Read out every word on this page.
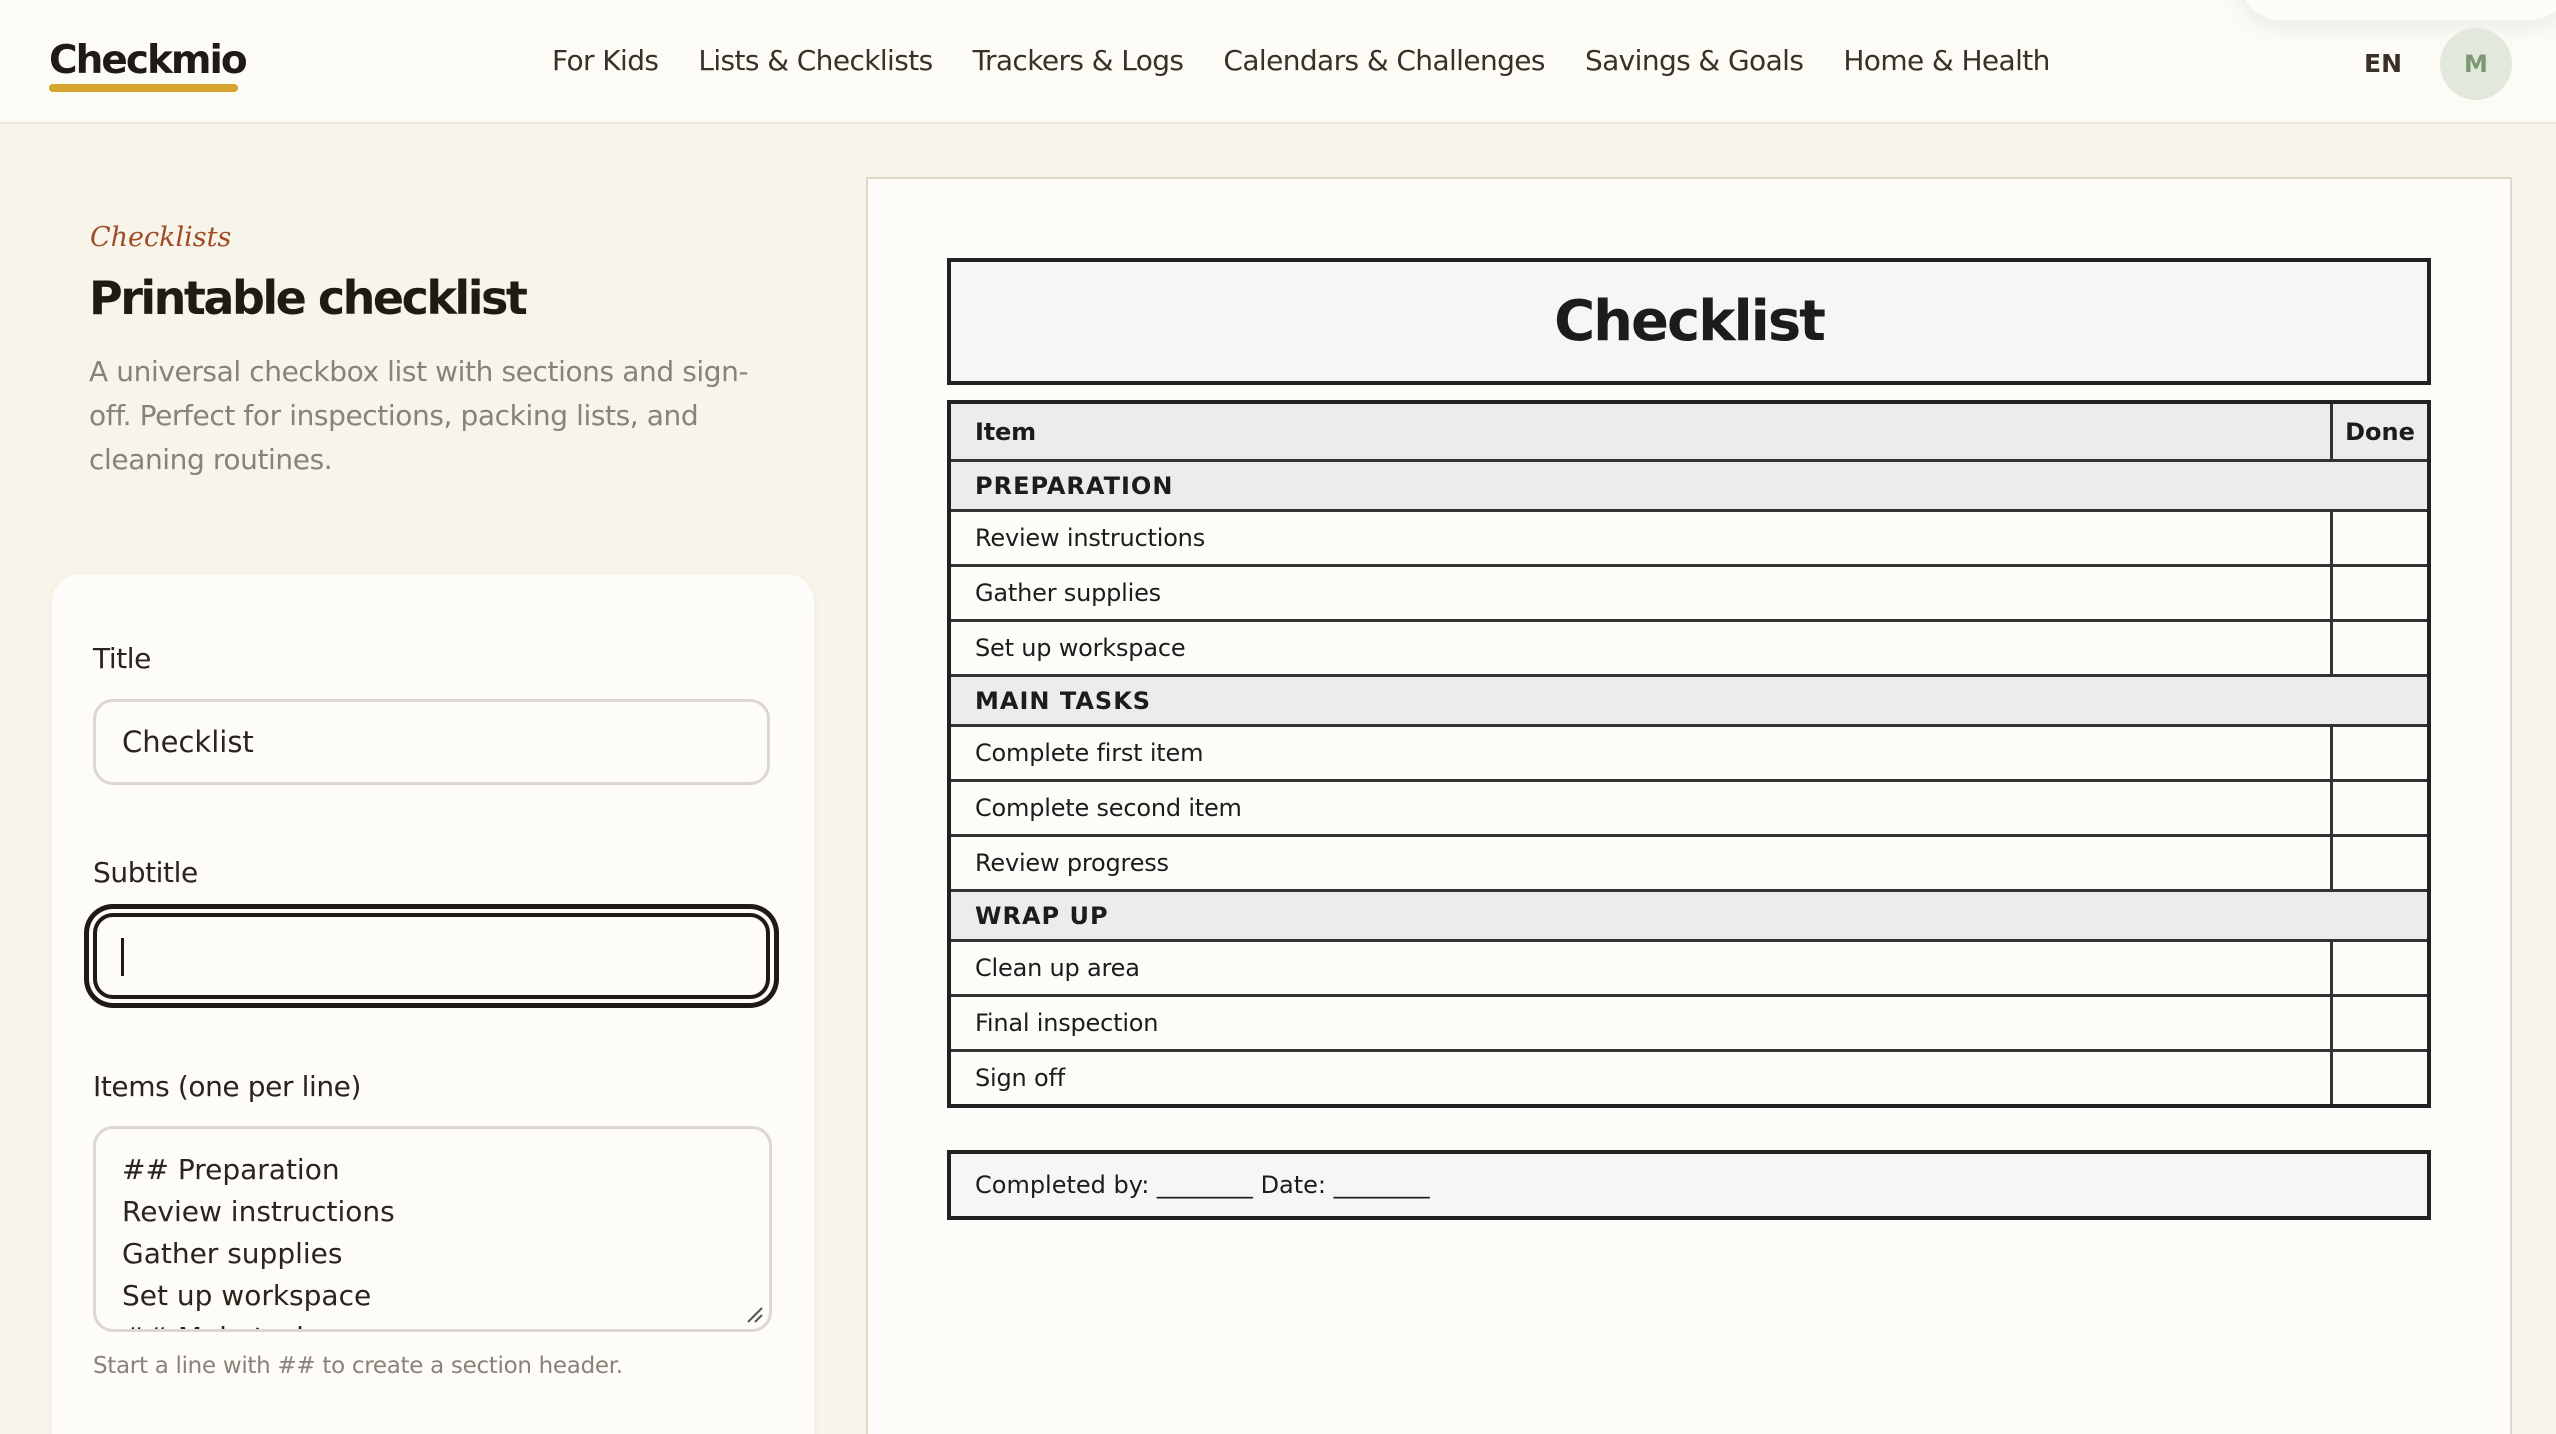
Checkmio	For Kids Lists & Checklists Trackers & Logs Calendars & Challenges Savings & Goals Home & Health	EN	M
Checklists
Printable checklist

A universal checkbox list with sections and sign-off. Perfect for inspections, packing lists, and cleaning routines.

Title
Checklist
Subtitle
Items (one per line)
## Preparation Review instructions Gather supplies Set up workspace ## Main tasks
Start a line with ## to create a section header.
Checklist
Item	Done
PREPARATION
Review instructions
Gather supplies
Set up workspace
MAIN TASKS
Complete first item
Complete second item
Review progress
WRAP UP
Clean up area
Final inspection
Sign off
Completed by: ________ Date: ________
